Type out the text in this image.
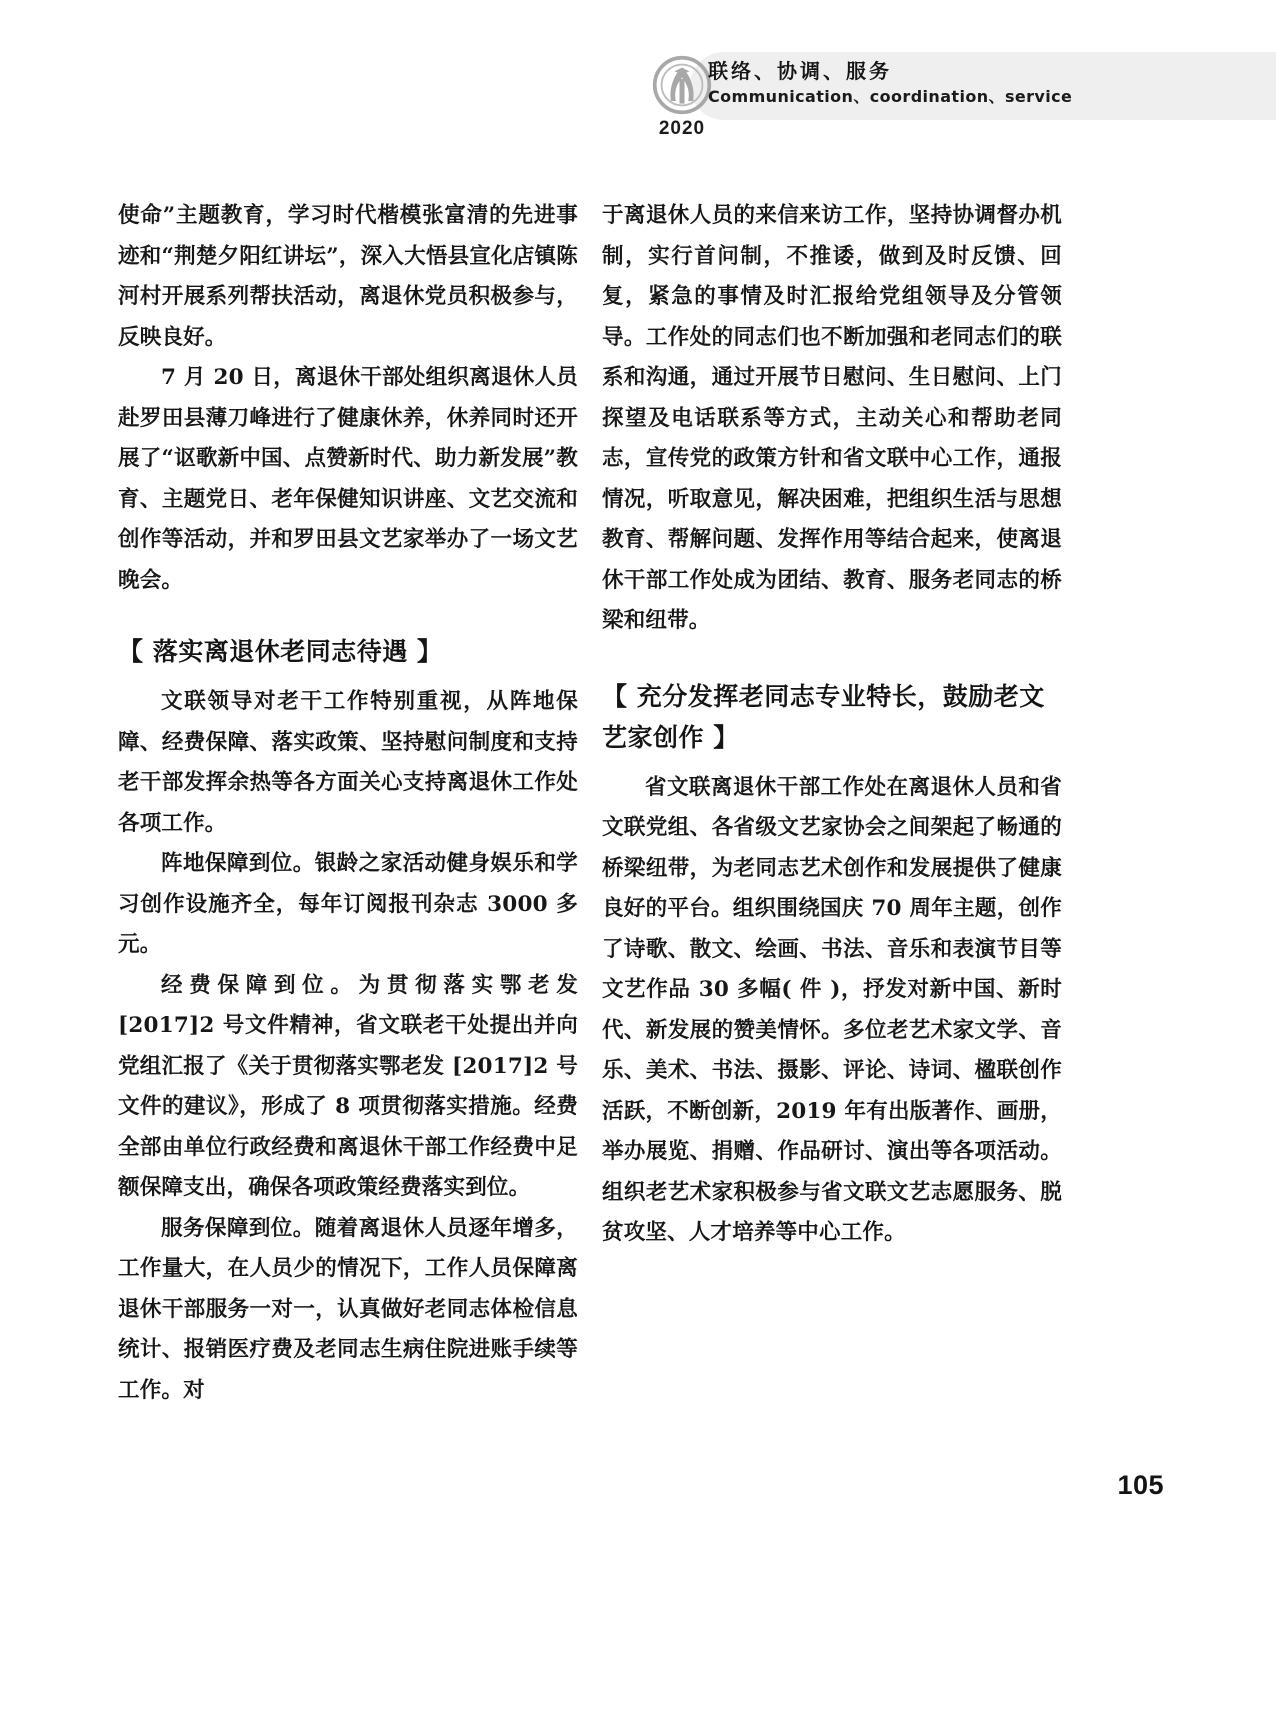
2020
联络、协调、服务
Communication、coordination、service

使命”主题教育，学习时代楷模张富清的先进事迹和“荆楚夕阳红讲坛”，深入大悟县宣化店镇陈河村开展系列帮扶活动，离退休党员积极参与，反映良好。

7 月 20 日，离退休干部处组织离退休人员赴罗田县薄刀峰进行了健康休养，休养同时还开展了“讴歌新中国、点赞新时代、助力新发展”教育、主题党日、老年保健知识讲座、文艺交流和创作等活动，并和罗田县文艺家举办了一场文艺晚会。

【 落实离退休老同志待遇 】

文联领导对老干工作特别重视，从阵地保障、经费保障、落实政策、坚持慰问制度和支持老干部发挥余热等各方面关心支持离退休工作处各项工作。

阵地保障到位。银龄之家活动健身娱乐和学习创作设施齐全，每年订阅报刊杂志 3000 多元。

经费保障到位。为贯彻落实鄂老发 [2017]2 号文件精神，省文联老干处提出并向党组汇报了《关于贯彻落实鄂老发 [2017]2 号文件的建议》，形成了 8 项贯彻落实措施。经费全部由单位行政经费和离退休干部工作经费中足额保障支出，确保各项政策经费落实到位。

服务保障到位。随着离退休人员逐年增多，工作量大，在人员少的情况下，工作人员保障离退休干部服务一对一，认真做好老同志体检信息统计、报销医疗费及老同志生病住院进账手续等工作。对

于离退休人员的来信来访工作，坚持协调督办机制，实行首问制，不推诿，做到及时反馈、回复，紧急的事情及时汇报给党组领导及分管领导。工作处的同志们也不断加强和老同志们的联系和沟通，通过开展节日慰问、生日慰问、上门探望及电话联系等方式，主动关心和帮助老同志，宣传党的政策方针和省文联中心工作，通报情况，听取意见，解决困难，把组织生活与思想教育、帮解问题、发挥作用等结合起来，使离退休干部工作处成为团结、教育、服务老同志的桥梁和纽带。

【 充分发挥老同志专业特长，鼓励老文艺家创作 】

省文联离退休干部工作处在离退休人员和省文联党组、各省级文艺家协会之间架起了畅通的桥梁纽带，为老同志艺术创作和发展提供了健康良好的平台。组织围绕国庆 70 周年主题，创作了诗歌、散文、绘画、书法、音乐和表演节目等文艺作品 30 多幅( 件 )，抒发对新中国、新时代、新发展的赞美情怀。多位老艺术家文学、音乐、美术、书法、摄影、评论、诗词、楹联创作活跃，不断创新，2019 年有出版著作、画册，举办展览、捐赠、作品研讨、演出等各项活动。组织老艺术家积极参与省文联文艺志愿服务、脱贫攻坚、人才培养等中心工作。

105
